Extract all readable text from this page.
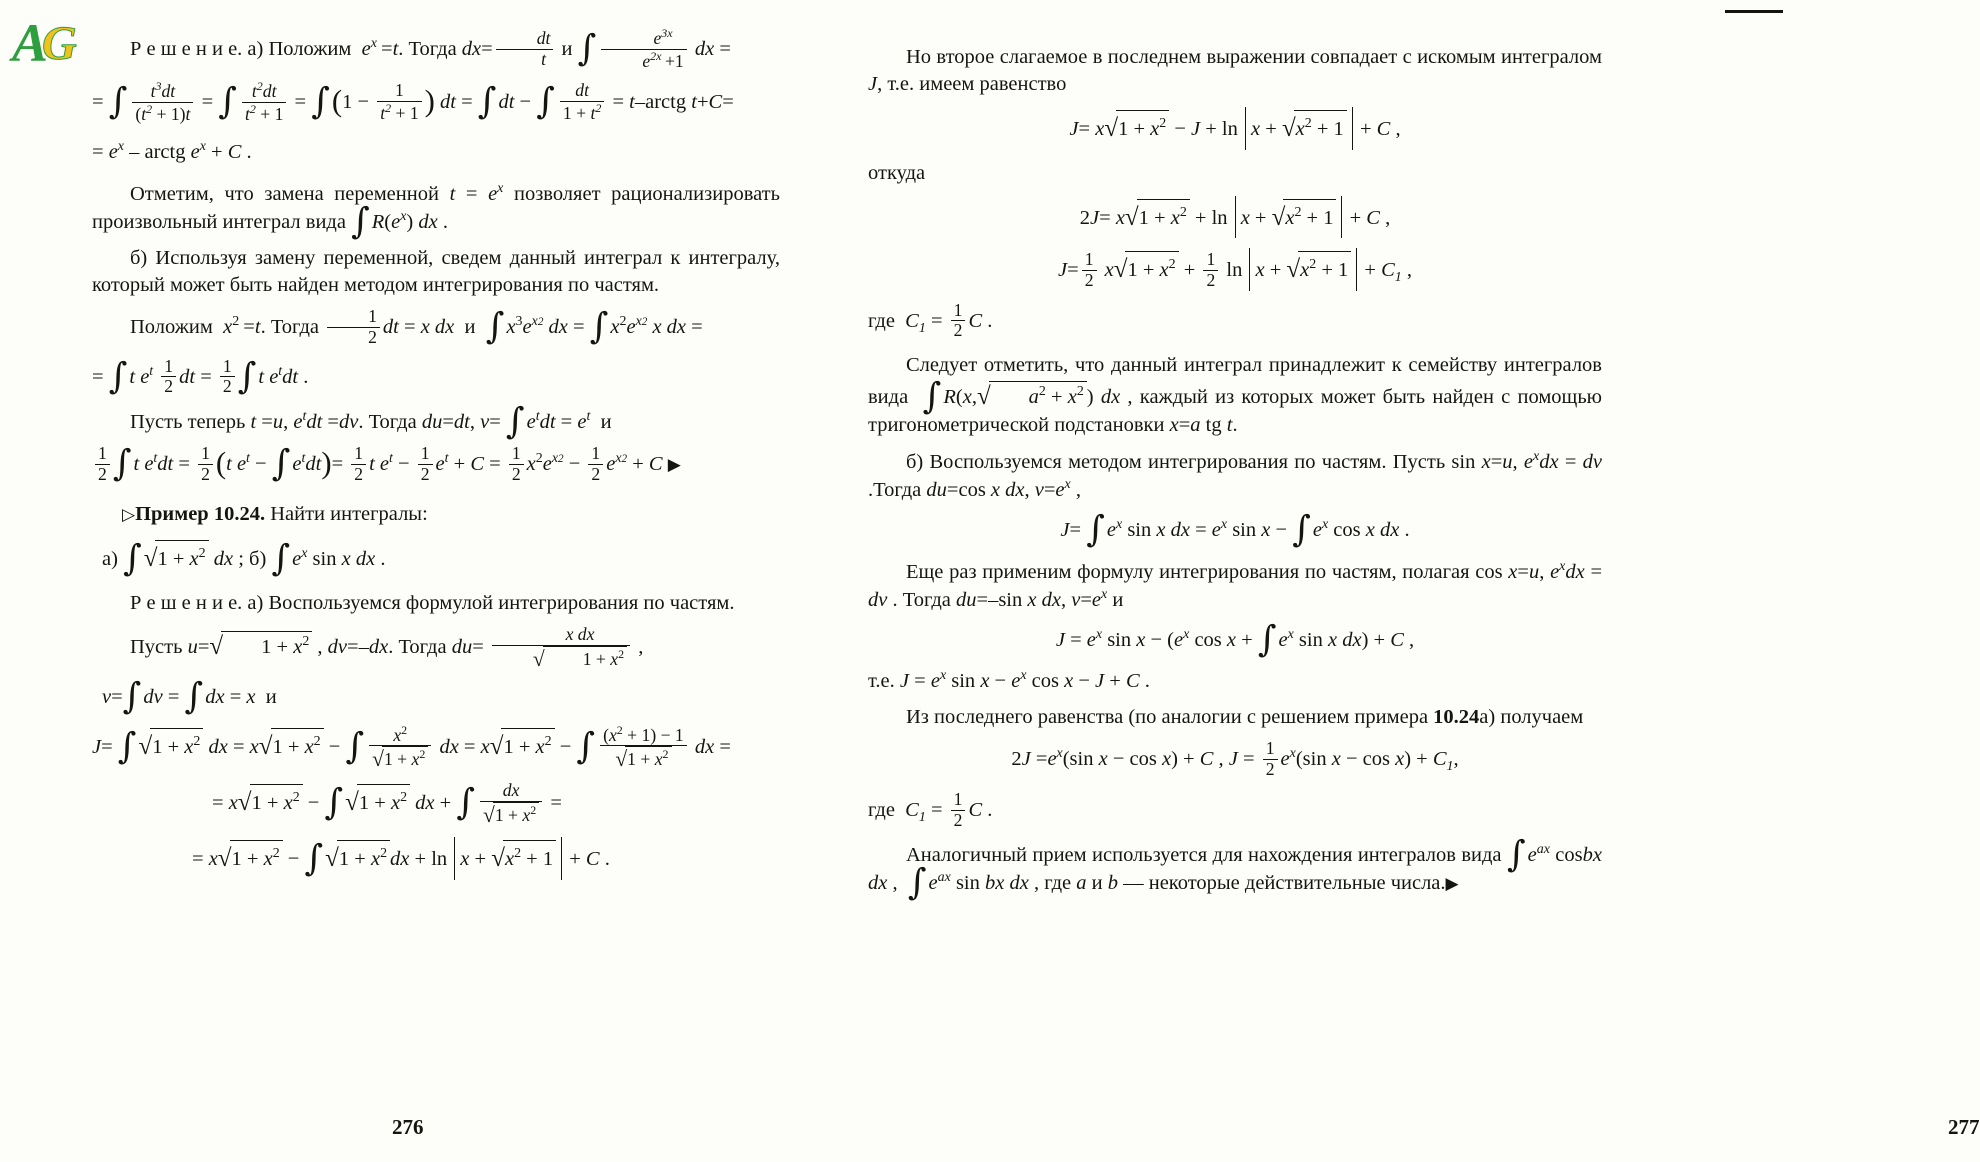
A
G	Р е ш е н и е. а) Положим  $e^x =t$. Тогда $dx= \frac{dt}{t}$ и ∫ $\frac{e^{3x}}{e^{2x} +1}$ dx =

= ∫ $\frac{t^3dt}{(t^2 + 1)t}$ = ∫ $\frac{t^2dt}{t^2 + 1} = \int(1 - \frac{1}{t^2 + 1}$ ) dt = ∫dt − ∫ $\frac{dt}{1 + t^2}$ = t–arctg t+C=
= $e^x$ – arctg $e^x + C$ .

Отметим, что замена переменной $t = e^x$ позволяет рационализировать произвольный интеграл вида $\int R(e^x)$ dx .

б) Используя замену переменной, сведем данный интеграл к интегралу, который может быть найден методом интегрирования по частям.

Положим  $x^2 =t$. Тогда $\frac{1}{2}$ dt = x dx  и  $\int x^3e^{x2}$ dx = $\int x^2e^{x2}$ x dx =

= ∫t $e^t \frac{1}{2}$ dt = $\frac{1}{2} \int t$ $e^tdt$ .

Пусть теперь t =u, $e^tdt =dv$. Тогда du=dt, $v= \int e^tdt = e^t$  и

$\frac{1}{2} \int t$ $e^tdt = \frac{1}{2} (t$ $e^t - \int e^tdt)= \frac{1}{2}$ t $e^t - \frac{1}{2} e^t + C = \frac{1}{2} x^2e^{x2} - \frac{1}{2} e^{x2} + C$ ▶

▷Пример 10.24. Найти интегралы:

а) $\int√1 + x^2$ dx ; б) $\int e^x$ sin x dx .

Р е ш е н и е. а) Воспользуемся формулой интегрирования по частям.

Пусть u=√ $1 + x^2$ , dv=–dx. Тогда $du= \frac{\text{x dx}}{√ 1 + x^2}$ ,

v=∫dv = ∫dx = x  и
$J= \int√1 + x^2$ dx = $x√1 + x^2$ − ∫ $\frac{x^2}{√1 + x^2}$ dx = $x√1 + x^2$ − ∫ $\frac{(x^2 + 1) - 1}{√1 + x^2}$ dx =
= $x√1 + x^2 - \int√1 + x^2$ dx + ∫ $\frac{dx}{√1 + x^2}$ =
= $x√1 + x^2 - \int√1 + x^2$ dx + $\ln x + √x^2 + 1 + C$ .
276

Но второе слагаемое в последнем выражении совпадает с искомым интегралом J, т.е. имеем равенство

$J= x√1 + x^2 - J + \ln x + √x^2 + 1 + C$ ,

откуда

$2J= x√1 + x^2 + \ln x + √x^2 + 1 + C$ ,
$J= \frac{1}{2} x√1 + x^2 + \frac{1}{2}$ $\ln x + √x^2 + 1 + C_1$ ,
где  $C_1 = \frac{1}{2}$ C .

Следует отметить, что данный интеграл принадлежит к семейству интегралов вида  ∫R(x,√ $a^2 + x^2$ ) dx , каждый из которых может быть найден с помощью тригонометрической подстановки x=a tg t.

б) Воспользуемся методом интегрирования по частям. Пусть sin x=u, $e^xdx$ = dv .Тогда du=cos x dx, $v=e^x$ ,

$J= \int e^x$ sin x dx = $e^x$ $\sin x - \int e^x$ cos x dx .

Еще раз применим формулу интегрирования по частям, полагая cos x=u, $e^xdx$ = dv . Тогда du=–sin x dx, $v=e^x$ и

$J = e^x$ $\sin x - (e^x$ $\cos x + \int e^x$ sin x dx) + C ,

т.е. $J = e^x$ $\sin x - e^x$ cos x − J + C .

Из последнего равенства (по аналогии с решением примера 10.24а) получаем

$2J =e^x(\sin$ x − cos x) + C , $J = \frac{1}{2} e^x(\sin$ $x - \cos x) + C_1$,
где  $C_1 = \frac{1}{2}$ C .

Аналогичный прием используется для нахождения интегралов вида $\int e^{ax}$ cosbx dx ,  $\int e^{ax}$ sin bx dx , где a и b — некоторые действительные числа.▶

277
